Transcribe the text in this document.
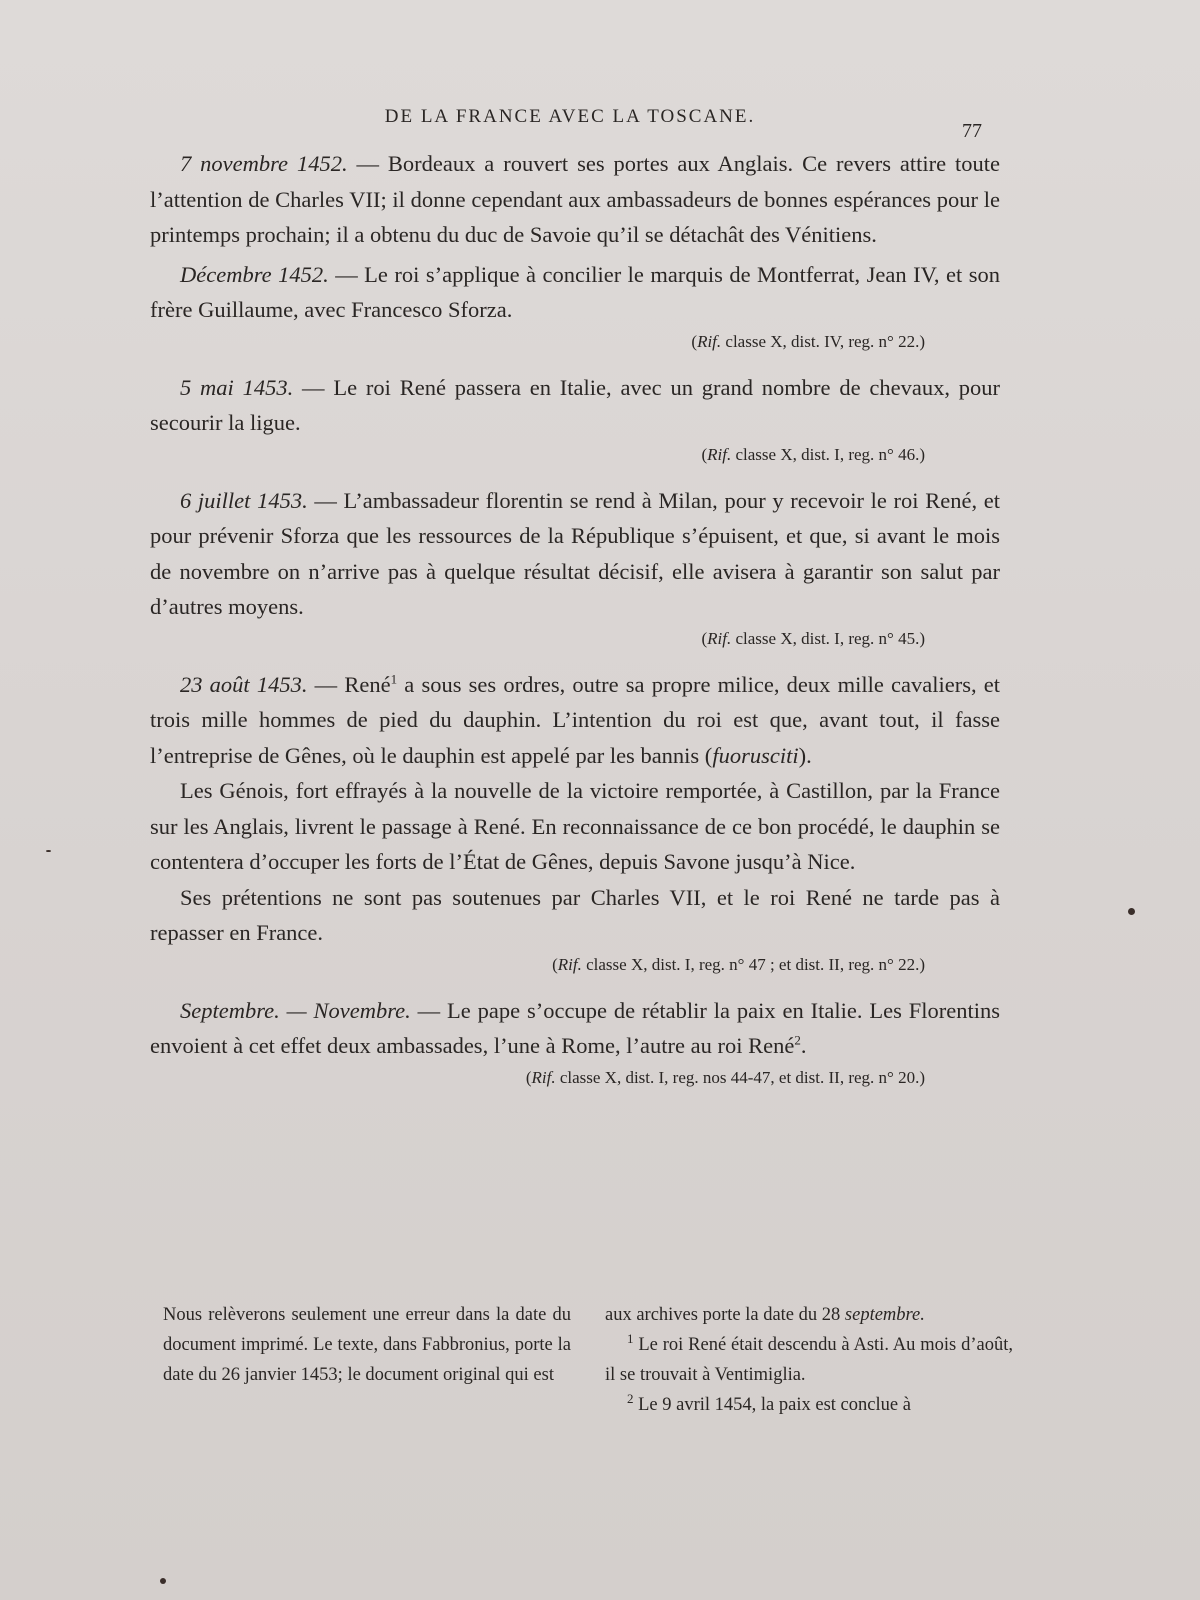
DE LA FRANCE AVEC LA TOSCANE.
77

7 novembre 1452. — Bordeaux a rouvert ses portes aux Anglais. Ce revers attire toute l’attention de Charles VII; il donne cependant aux ambassadeurs de bonnes espérances pour le printemps prochain; il a obtenu du duc de Savoie qu’il se détachât des Vénitiens.

Décembre 1452. — Le roi s’applique à concilier le marquis de Montferrat, Jean IV, et son frère Guillaume, avec Francesco Sforza.

(Rif. classe X, dist. IV, reg. n° 22.)

5 mai 1453. — Le roi René passera en Italie, avec un grand nombre de chevaux, pour secourir la ligue.

(Rif. classe X, dist. I, reg. n° 46.)

6 juillet 1453. — L’ambassadeur florentin se rend à Milan, pour y recevoir le roi René, et pour prévenir Sforza que les ressources de la République s’épuisent, et que, si avant le mois de novembre on n’arrive pas à quelque résultat décisif, elle avisera à garantir son salut par d’autres moyens.

(Rif. classe X, dist. I, reg. n° 45.)

23 août 1453. — René$^1$ a sous ses ordres, outre sa propre milice, deux mille cavaliers, et trois mille hommes de pied du dauphin. L’intention du roi est que, avant tout, il fasse l’entreprise de Gênes, où le dauphin est appelé par les bannis (fuorusciti).

Les Génois, fort effrayés à la nouvelle de la victoire remportée, à Castillon, par la France sur les Anglais, livrent le passage à René. En reconnaissance de ce bon procédé, le dauphin se contentera d’occuper les forts de l’État de Gênes, depuis Savone jusqu’à Nice.

Ses prétentions ne sont pas soutenues par Charles VII, et le roi René ne tarde pas à repasser en France.

(Rif. classe X, dist. I, reg. n° 47 ; et dist. II, reg. n° 22.)

Septembre. — Novembre. — Le pape s’occupe de rétablir la paix en Italie. Les Florentins envoient à cet effet deux ambassades, l’une à Rome, l’autre au roi René$^2$.

(Rif. classe X, dist. I, reg. nos 44-47, et dist. II, reg. n° 20.)

Nous relèverons seulement une erreur dans la date du document imprimé. Le texte, dans Fabbronius, porte la date du 26 janvier 1453; le document original qui est

aux archives porte la date du 28 septembre.

$^1$ Le roi René était descendu à Asti. Au mois d’août, il se trouvait à Ventimiglia.

$^2$ Le 9 avril 1454, la paix est conclue à
